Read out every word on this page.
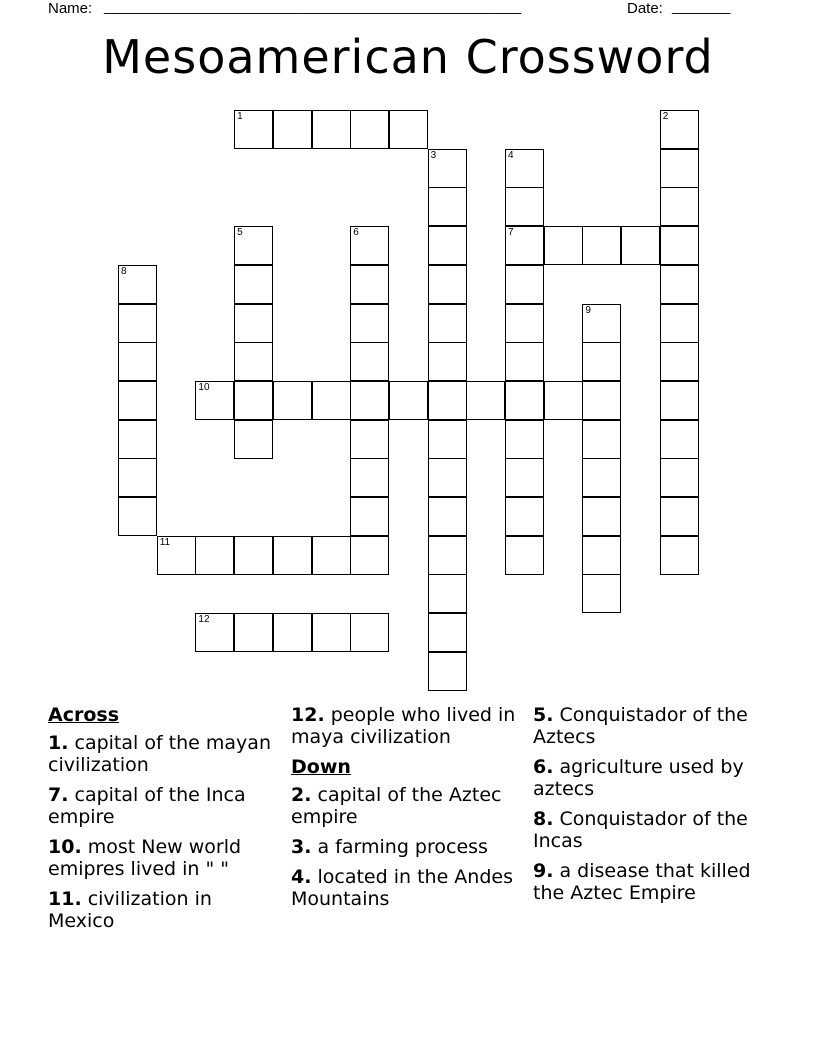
Name: __________________________________________________	Date: _______
Mesoamerican Crossword
1	2
3	4
7
5	6
8
9
10
11
12
Across
1. capital of the mayan civilization
7. capital of the Inca empire
10. most New world emipres lived in " "
11. civilization in Mexico
12. people who lived in maya civilization
Down
2. capital of the Aztec empire
3. a farming process
4. located in the Andes Mountains
5. Conquistador of the Aztecs
6. agriculture used by aztecs
8. Conquistador of the Incas
9. a disease that killed the Aztec Empire
